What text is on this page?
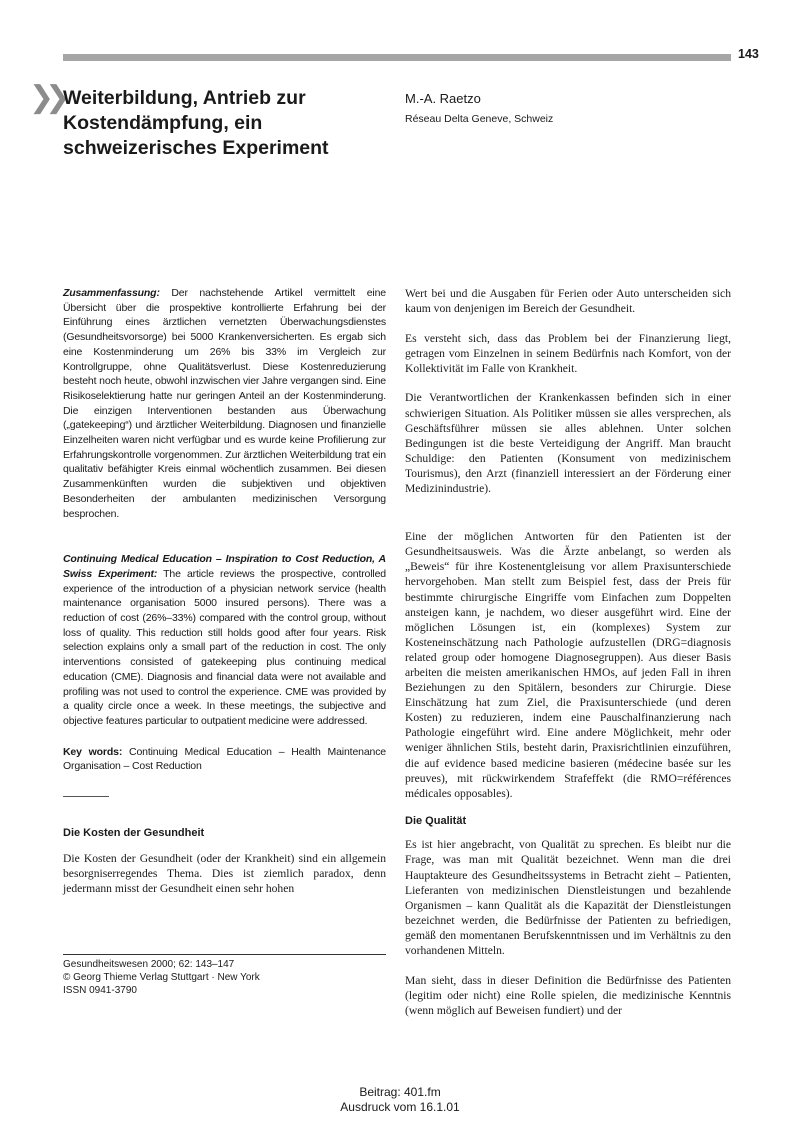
143
❯❯ Weiterbildung, Antrieb zur Kostendämpfung, ein schweizerisches Experiment
M.-A. Raetzo
Réseau Delta Geneve, Schweiz

Zusammenfassung: Der nachstehende Artikel vermittelt eine Übersicht über die prospektive kontrollierte Erfahrung bei der Einführung eines ärztlichen vernetzten Überwachungsdienstes (Gesundheitsvorsorge) bei 5000 Krankenversicherten. Es ergab sich eine Kostenminderung um 26% bis 33% im Vergleich zur Kontrollgruppe, ohne Qualitätsverlust. Diese Kostenreduzierung besteht noch heute, obwohl inzwischen vier Jahre vergangen sind. Eine Risikoselektierung hatte nur geringen Anteil an der Kostenminderung. Die einzigen Interventionen bestanden aus Überwachung („gatekeeping“) und ärztlicher Weiterbildung. Diagnosen und finanzielle Einzelheiten waren nicht verfügbar und es wurde keine Profilierung zur Erfahrungskontrolle vorgenommen. Zur ärztlichen Weiterbildung trat ein qualitativ befähigter Kreis einmal wöchentlich zusammen. Bei diesen Zusammenkünften wurden die subjektiven und objektiven Besonderheiten der ambulanten medizinischen Versorgung besprochen.

Continuing Medical Education – Inspiration to Cost Reduction, A Swiss Experiment: The article reviews the prospective, controlled experience of the introduction of a physician network service (health maintenance organisation 5000 insured persons). There was a reduction of cost (26%–33%) compared with the control group, without loss of quality. This reduction still holds good after four years. Risk selection explains only a small part of the reduction in cost. The only interventions consisted of gatekeeping plus continuing medical education (CME). Diagnosis and financial data were not available and profiling was not used to control the experience. CME was provided by a quality circle once a week. In these meetings, the subjective and objective features particular to outpatient medicine were addressed.

Key words: Continuing Medical Education – Health Maintenance Organisation – Cost Reduction

Die Kosten der Gesundheit

Die Kosten der Gesundheit (oder der Krankheit) sind ein allgemein besorgniserregendes Thema. Dies ist ziemlich paradox, denn jedermann misst der Gesundheit einen sehr hohen

Wert bei und die Ausgaben für Ferien oder Auto unterscheiden sich kaum von denjenigen im Bereich der Gesundheit.

Es versteht sich, dass das Problem bei der Finanzierung liegt, getragen vom Einzelnen in seinem Bedürfnis nach Komfort, von der Kollektivität im Falle von Krankheit.

Die Verantwortlichen der Krankenkassen befinden sich in einer schwierigen Situation. Als Politiker müssen sie alles versprechen, als Geschäftsführer müssen sie alles ablehnen. Unter solchen Bedingungen ist die beste Verteidigung der Angriff. Man braucht Schuldige: den Patienten (Konsument von medizinischem Tourismus), den Arzt (finanziell interessiert an der Förderung einer Medizinindustrie).

Eine der möglichen Antworten für den Patienten ist der Gesundheitsausweis. Was die Ärzte anbelangt, so werden als „Beweis“ für ihre Kostenentgleisung vor allem Praxisunterschiede hervorgehoben. Man stellt zum Beispiel fest, dass der Preis für bestimmte chirurgische Eingriffe vom Einfachen zum Doppelten ansteigen kann, je nachdem, wo dieser ausgeführt wird. Eine der möglichen Lösungen ist, ein (komplexes) System zur Kosteneinschätzung nach Pathologie aufzustellen (DRG=diagnosis related group oder homogene Diagnosegruppen). Aus dieser Basis arbeiten die meisten amerikanischen HMOs, auf jeden Fall in ihren Beziehungen zu den Spitälern, besonders zur Chirurgie. Diese Einschätzung hat zum Ziel, die Praxisunterschiede (und deren Kosten) zu reduzieren, indem eine Pauschalfinanzierung nach Pathologie eingeführt wird. Eine andere Möglichkeit, mehr oder weniger ähnlichen Stils, besteht darin, Praxisrichtlinien einzuführen, die auf evidence based medicine basieren (médecine basée sur les preuves), mit rückwirkendem Strafeffekt (die RMO=références médicales opposables).

Die Qualität

Es ist hier angebracht, von Qualität zu sprechen. Es bleibt nur die Frage, was man mit Qualität bezeichnet. Wenn man die drei Hauptakteure des Gesundheitssystems in Betracht zieht – Patienten, Lieferanten von medizinischen Dienstleistungen und bezahlende Organismen – kann Qualität als die Kapazität der Dienstleistungen bezeichnet werden, die Bedürfnisse der Patienten zu befriedigen, gemäß den momentanen Berufskenntnissen und im Verhältnis zu den vorhandenen Mitteln.

Man sieht, dass in dieser Definition die Bedürfnisse des Patienten (legitim oder nicht) eine Rolle spielen, die medizinische Kenntnis (wenn möglich auf Beweisen fundiert) und der

Gesundheitswesen 2000; 62: 143–147
© Georg Thieme Verlag Stuttgart · New York
ISSN 0941-3790
Beitrag: 401.fm
Ausdruck vom 16.1.01
